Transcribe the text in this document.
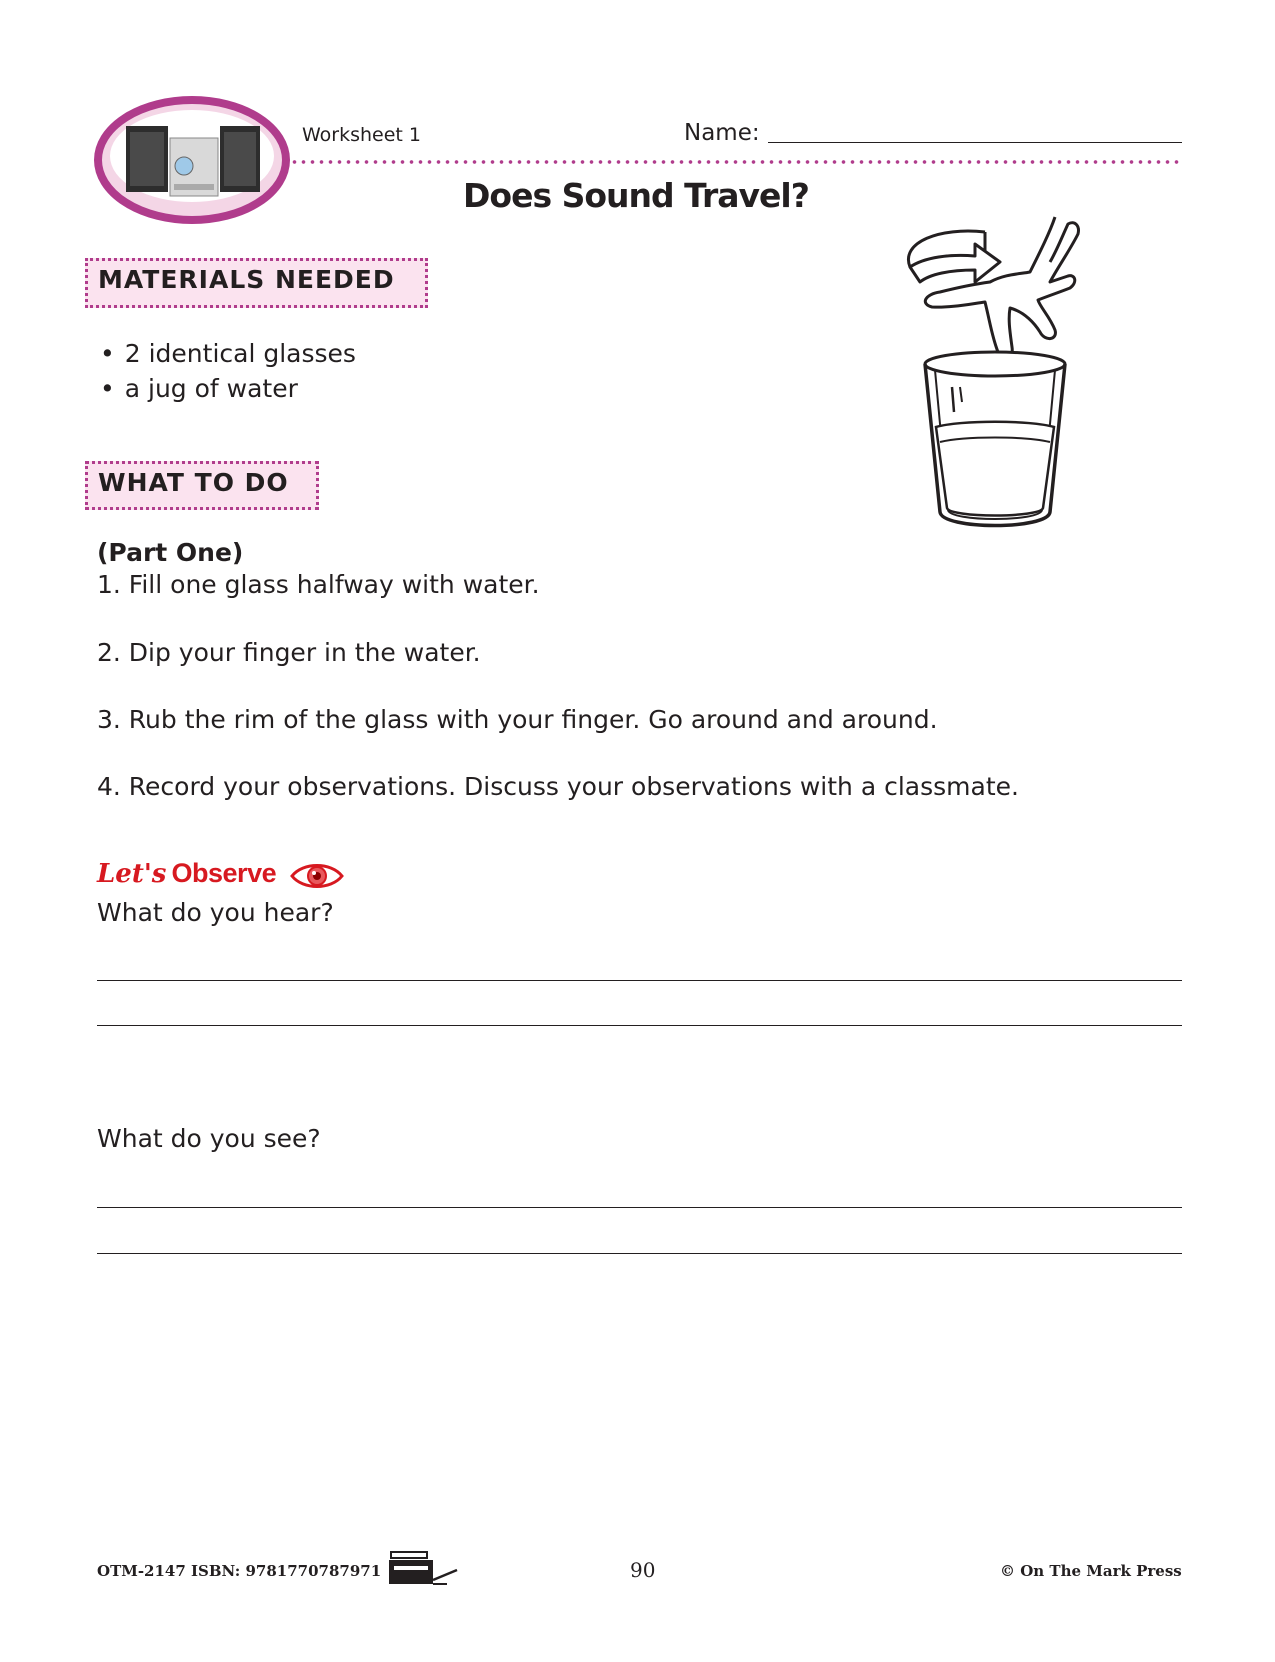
Worksheet 1	Name:
Does Sound Travel?
MATERIALS NEEDED
• 2 identical glasses
• a jug of water
WHAT TO DO
(Part One)
1. Fill one glass halfway with water.
2. Dip your finger in the water.
3. Rub the rim of the glass with your finger. Go around and around.
4. Record your observations. Discuss your observations with a classmate.
Let's Observe
What do you hear?
What do you see?
OTM-2147 ISBN: 9781770787971	90	© On The Mark Press
